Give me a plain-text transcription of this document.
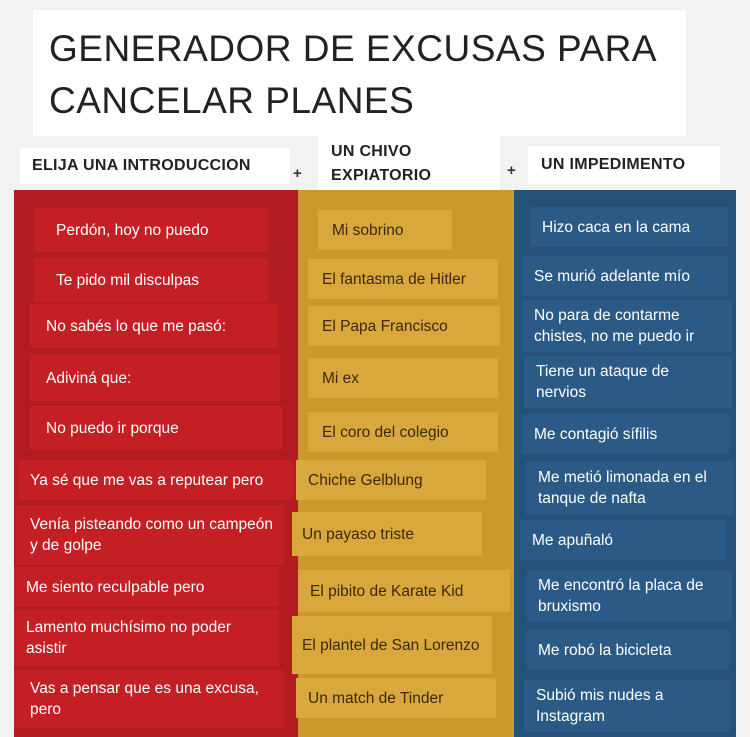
GENERADOR DE EXCUSAS PARA
CANCELAR PLANES
ELIJA UNA INTRODUCCION	+
UN CHIVO
EXPIATORIO	+ UN IMPEDIMENTO
Perdón, hoy no puedo
Te pido mil disculpas
No sabés lo que me pasó:
Adiviná que:
No puedo ir porque
Ya sé que me vas a reputear pero
Venía pisteando como un campeón y de golpe
Me siento reculpable pero
Lamento muchísimo no poder asistir
Vas a pensar que es una excusa, pero
Mi sobrino
El fantasma de Hitler
El Papa Francisco
Mi ex
El coro del colegio
Chiche Gelblung
Un payaso triste
El pibito de Karate Kid
El plantel de San Lorenzo
Un match de Tinder
Hizo caca en la cama
Se murió adelante mío
No para de contarme chistes, no me puedo ir
Tiene un ataque de nervios
Me contagió sífilis
Me metió limonada en el tanque de nafta
Me apuñaló
Me encontró la placa de bruxismo
Me robó la bicicleta
Subió mis nudes a Instagram
